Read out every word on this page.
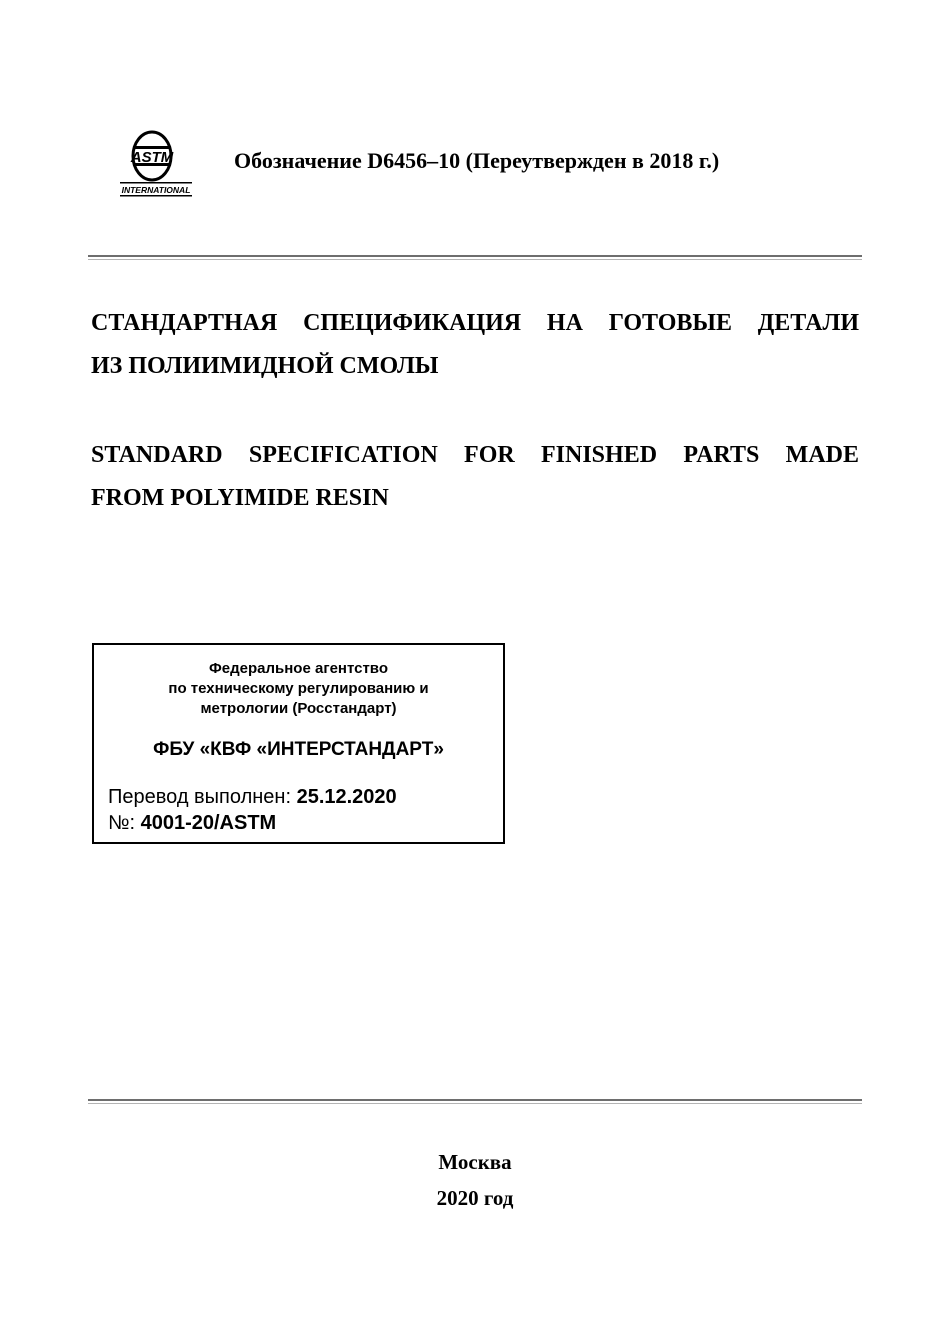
ASTM
INTERNATIONAL
Обозначение D6456–10 (Переутвержден в 2018 г.)
СТАНДАРТНАЯ СПЕЦИФИКАЦИЯ НА ГОТОВЫЕ ДЕТАЛИ
ИЗ ПОЛИИМИДНОЙ СМОЛЫ
STANDARD SPECIFICATION FOR FINISHED PARTS MADE
FROM POLYIMIDE RESIN
Федеральное агентство
по техническому регулированию и
метрологии (Росстандарт)
ФБУ «КВФ «ИНТЕРСТАНДАРТ»
Перевод выполнен: 25.12.2020
№: 4001-20/ASTM
Москва
2020 год
